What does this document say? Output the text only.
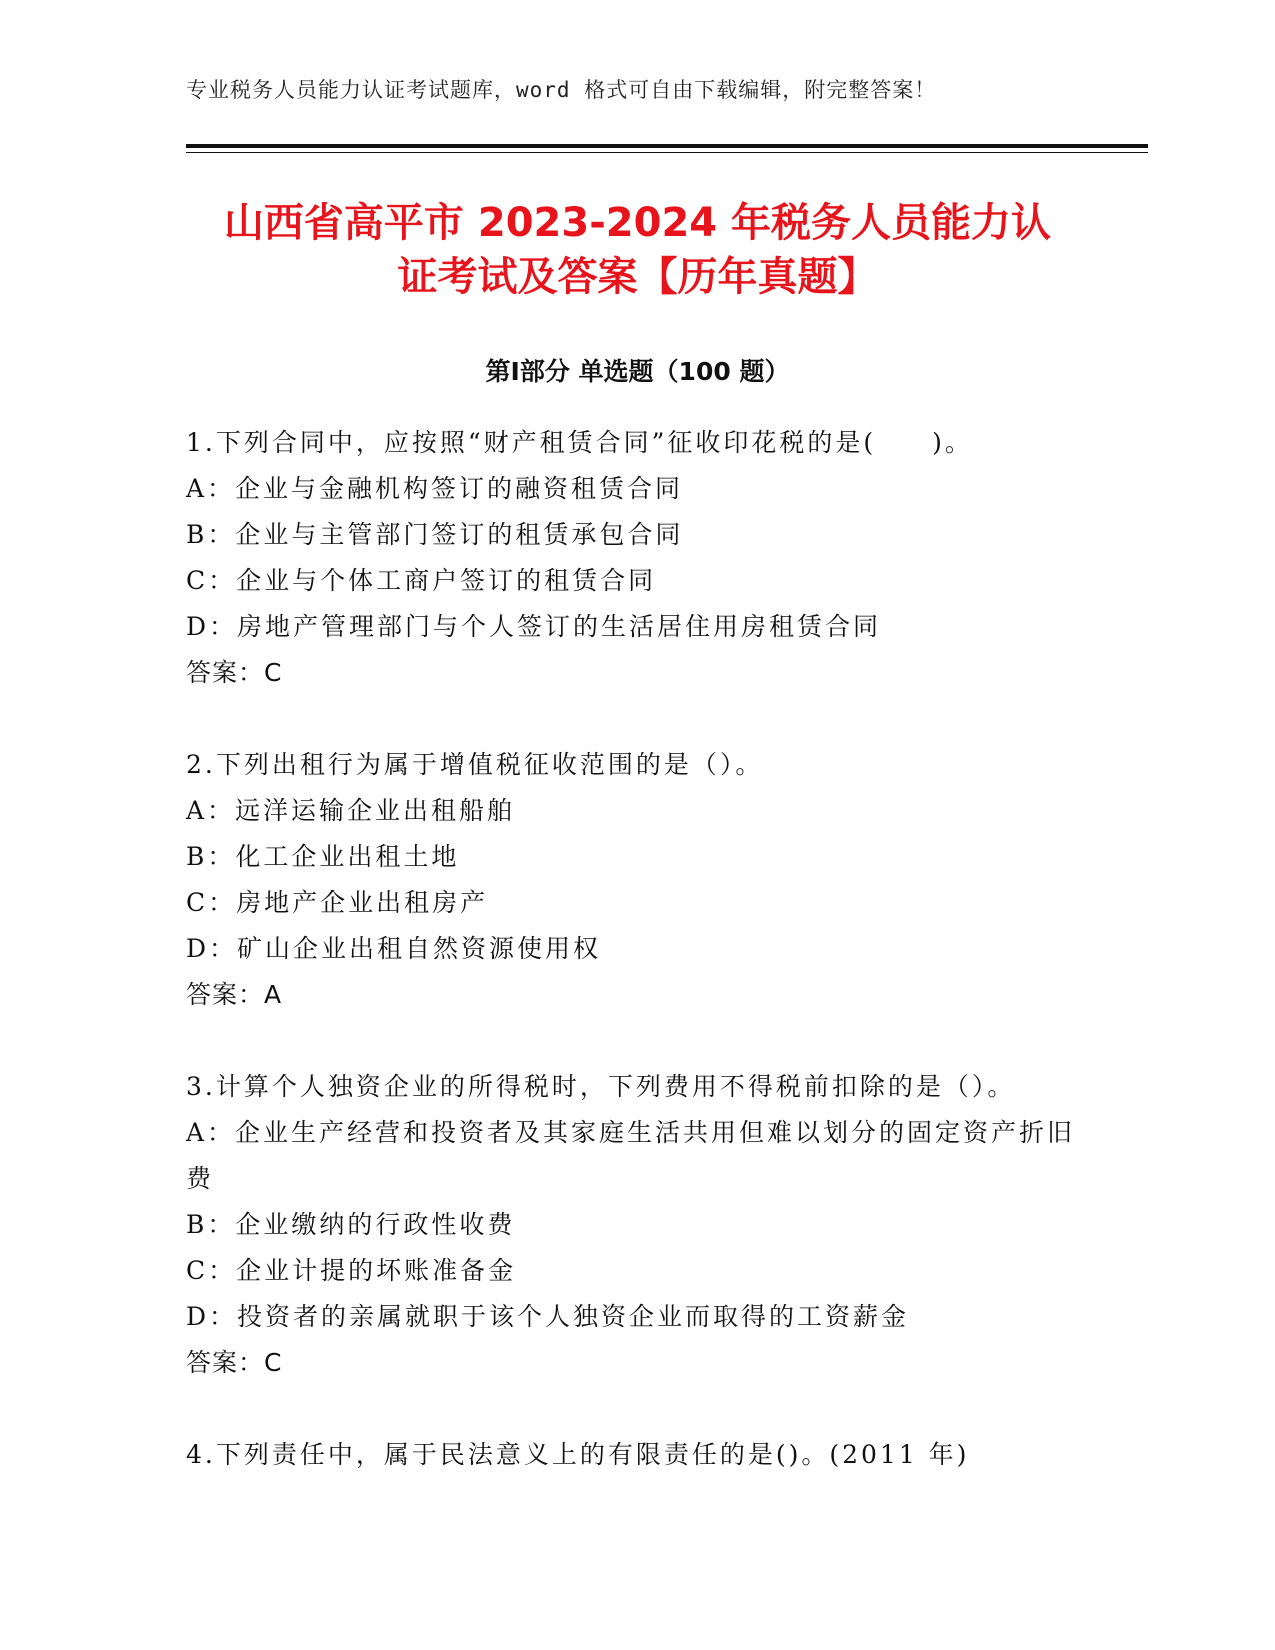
专业税务人员能力认证考试题库，word 格式可自由下载编辑，附完整答案！
山西省高平市 2023-2024 年税务人员能力认
证考试及答案【历年真题】
第Ⅰ部分 单选题（100 题）

1.下列合同中，应按照“财产租赁合同”征收印花税的是(　　)。

A：企业与金融机构签订的融资租赁合同

B：企业与主管部门签订的租赁承包合同

C：企业与个体工商户签订的租赁合同

D：房地产管理部门与个人签订的生活居住用房租赁合同

答案：C

2.下列出租行为属于增值税征收范围的是（）。

A：远洋运输企业出租船舶

B：化工企业出租土地

C：房地产企业出租房产

D：矿山企业出租自然资源使用权

答案：A

3.计算个人独资企业的所得税时，下列费用不得税前扣除的是（）。

A：企业生产经营和投资者及其家庭生活共用但难以划分的固定资产折旧费

B：企业缴纳的行政性收费

C：企业计提的坏账准备金

D：投资者的亲属就职于该个人独资企业而取得的工资薪金

答案：C

4.下列责任中，属于民法意义上的有限责任的是()。(2011 年)
